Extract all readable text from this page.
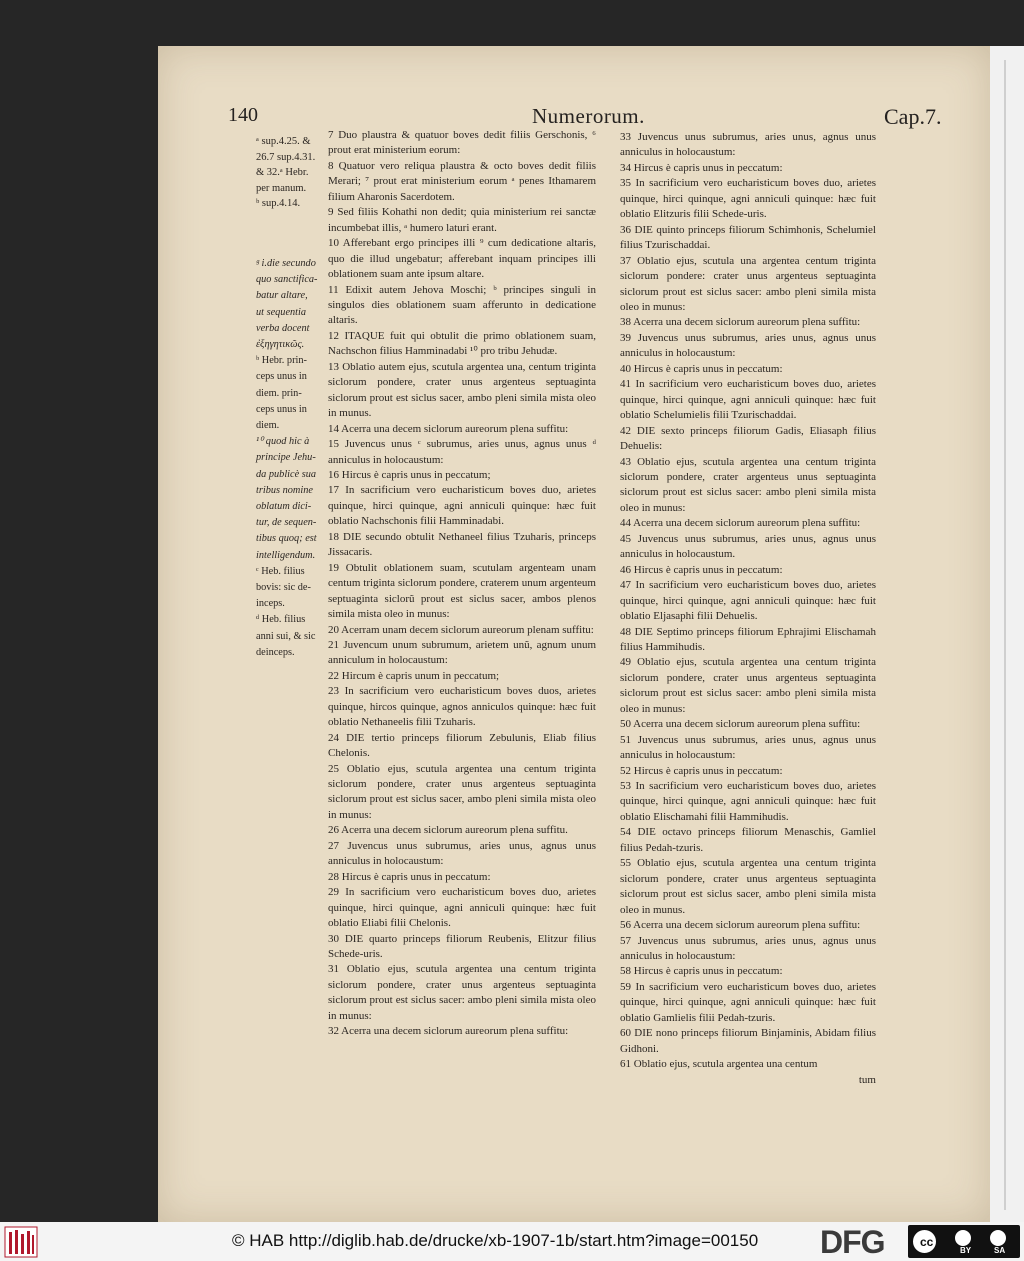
140	Numerorum.	Cap.7.

ᵃ sup.4.25. &

26.7 sup.4.31.

& 32.ᵃ Hebr.

per manum.

ᵇ sup.4.14.

ᵍ i.die secundo

quo sanctifica-

batur altare,

ut sequentia

verba docent

ἐξηγητικῶς.

ᵇ Hebr. prin-

ceps unus in

diem. prin-

ceps unus in

diem.

¹⁰ quod hic à

principe Jehu-

da publicè sua

tribus nomine

oblatum dici-

tur, de sequen-

tibus quoq; est

intelligendum.

ᶜ Heb. filius

bovis: sic de-

inceps.

ᵈ Heb. filius

anni sui, & sic

deinceps.

7 Duo plaustra & quatuor boves dedit filiis Gerschonis, ⁶ prout erat ministerium eorum:

8 Quatuor vero reliqua plaustra & octo boves dedit filiis Merari; ⁷ prout erat ministerium eorum ᵃ penes Ithamarem filium Aharonis Sacerdotem.

9 Sed filiis Kohathi non dedit; quia ministerium rei sanctæ incumbebat illis, ᵃ humero laturi erant.

10 Afferebant ergo principes illi ⁹ cum dedicatione altaris, quo die illud ungebatur; afferebant inquam principes illi oblationem suam ante ipsum altare.

11 Edixit autem Jehova Moschi; ᵇ principes singuli in singulos dies oblationem suam afferunto in dedicatione altaris.

12 ITAQUE fuit qui obtulit die primo oblationem suam, Nachschon filius Hamminadabi ¹⁰ pro tribu Jehudæ.

13 Oblatio autem ejus, scutula argentea una, centum triginta siclorum pondere, crater unus argenteus septuaginta siclorum prout est siclus sacer, ambo pleni simila mista oleo in munus.

14 Acerra una decem siclorum aureorum plena suffitu:

15 Juvencus unus ᶜ subrumus, aries unus, agnus unus ᵈ anniculus in holocaustum:

16 Hircus è capris unus in peccatum;

17 In sacrificium vero eucharisticum boves duo, arietes quinque, hirci quinque, agni anniculi quinque: hæc fuit oblatio Nachschonis filii Hamminadabi.

18 DIE secundo obtulit Nethaneel filius Tzuharis, princeps Jissacaris.

19 Obtulit oblationem suam, scutulam argenteam unam centum triginta siclorum pondere, craterem unum argenteum septuaginta siclorũ prout est siclus sacer, ambos plenos simila mista oleo in munus:

20 Acerram unam decem siclorum aureorum plenam suffitu:

21 Juvencum unum subrumum, arietem unũ, agnum unum anniculum in holocaustum:

22 Hircum è capris unum in peccatum;

23 In sacrificium vero eucharisticum boves duos, arietes quinque, hircos quinque, agnos anniculos quinque: hæc fuit oblatio Nethaneelis filii Tzuharis.

24 DIE tertio princeps filiorum Zebulunis, Eliab filius Chelonis.

25 Oblatio ejus, scutula argentea una centum triginta siclorum pondere, crater unus argenteus septuaginta siclorum prout est siclus sacer, ambo pleni simila mista oleo in munus:

26 Acerra una decem siclorum aureorum plena suffitu.

27 Juvencus unus subrumus, aries unus, agnus unus anniculus in holocaustum:

28 Hircus è capris unus in peccatum:

29 In sacrificium vero eucharisticum boves duo, arietes quinque, hirci quinque, agni anniculi quinque: hæc fuit oblatio Eliabi filii Chelonis.

30 DIE quarto princeps filiorum Reubenis, Elitzur filius Schede-uris.

31 Oblatio ejus, scutula argentea una centum triginta siclorum pondere, crater unus argenteus septuaginta siclorum prout est siclus sacer: ambo pleni simila mista oleo in munus:

32 Acerra una decem siclorum aureorum plena suffitu:

33 Juvencus unus subrumus, aries unus, agnus unus anniculus in holocaustum:

34 Hircus è capris unus in peccatum:

35 In sacrificium vero eucharisticum boves duo, arietes quinque, hirci quinque, agni anniculi quinque: hæc fuit oblatio Elitzuris filii Schede-uris.

36 DIE quinto princeps filiorum Schimhonis, Schelumiel filius Tzurischaddai.

37 Oblatio ejus, scutula una argentea centum triginta siclorum pondere: crater unus argenteus septuaginta siclorum prout est siclus sacer: ambo pleni simila mista oleo in munus:

38 Acerra una decem siclorum aureorum plena suffitu:

39 Juvencus unus subrumus, aries unus, agnus unus anniculus in holocaustum:

40 Hircus è capris unus in peccatum:

41 In sacrificium vero eucharisticum boves duo, arietes quinque, hirci quinque, agni anniculi quinque: hæc fuit oblatio Schelumielis filii Tzurischaddai.

42 DIE sexto princeps filiorum Gadis, Eliasaph filius Dehuelis:

43 Oblatio ejus, scutula argentea una centum triginta siclorum pondere, crater argenteus unus septuaginta siclorum prout est siclus sacer: ambo pleni simila mista oleo in munus:

44 Acerra una decem siclorum aureorum plena suffitu:

45 Juvencus unus subrumus, aries unus, agnus unus anniculus in holocaustum.

46 Hircus è capris unus in peccatum:

47 In sacrificium vero eucharisticum boves duo, arietes quinque, hirci quinque, agni anniculi quinque: hæc fuit oblatio Eljasaphi filii Dehuelis.

48 DIE Septimo princeps filiorum Ephrajimi Elischamah filius Hammihudis.

49 Oblatio ejus, scutula argentea una centum triginta siclorum pondere, crater unus argenteus septuaginta siclorum prout est siclus sacer: ambo pleni simila mista oleo in munus:

50 Acerra una decem siclorum aureorum plena suffitu:

51 Juvencus unus subrumus, aries unus, agnus unus anniculus in holocaustum:

52 Hircus è capris unus in peccatum:

53 In sacrificium vero eucharisticum boves duo, arietes quinque, hirci quinque, agni anniculi quinque: hæc fuit oblatio Elischamahi filii Hammihudis.

54 DIE octavo princeps filiorum Menaschis, Gamliel filius Pedah-tzuris.

55 Oblatio ejus, scutula argentea una centum triginta siclorum pondere, crater unus argenteus septuaginta siclorum prout est siclus sacer, ambo pleni simila mista oleo in munus.

56 Acerra una decem siclorum aureorum plena suffitu:

57 Juvencus unus subrumus, aries unus, agnus unus anniculus in holocaustum:

58 Hircus è capris unus in peccatum:

59 In sacrificium vero eucharisticum boves duo, arietes quinque, hirci quinque, agni anniculi quinque: hæc fuit oblatio Gamlielis filii Pedah-tzuris.

60 DIE nono princeps filiorum Binjaminis, Abidam filius Gidhoni.

61 Oblatio ejus, scutula argentea una centum

tum

© HAB http://diglib.hab.de/drucke/xb-1907-1b/start.htm?image=00150 DFG	cc
BY	SA
